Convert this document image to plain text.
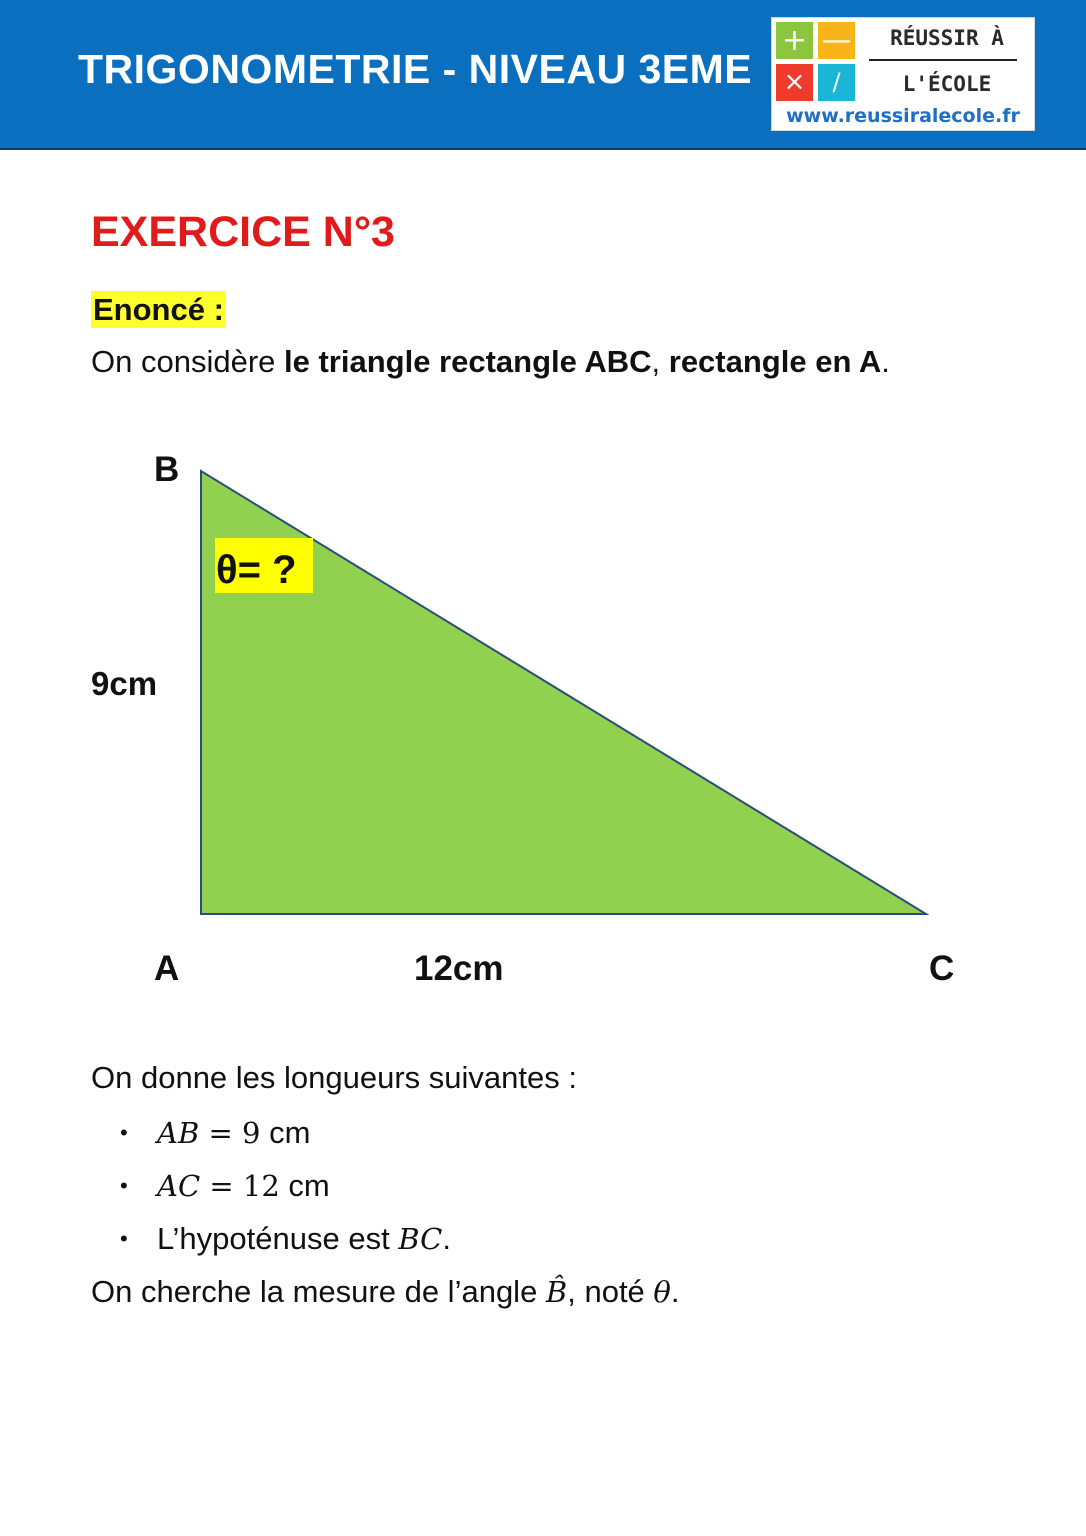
TRIGONOMETRIE - NIVEAU 3EME
+ —
×	∕
RÉUSSIR À
L'ÉCOLE
www.reussiralecole.fr
EXERCICE N°3
Enoncé :

On considère le triangle rectangle ABC, rectangle en A.

θ= ?
B
9cm
A	12cm	C

On donne les longueurs suivantes :

• AB = 9 cm
• AC = 12 cm
• L’hypoténuse est BC.

On cherche la mesure de l’angle B̂, noté θ.
